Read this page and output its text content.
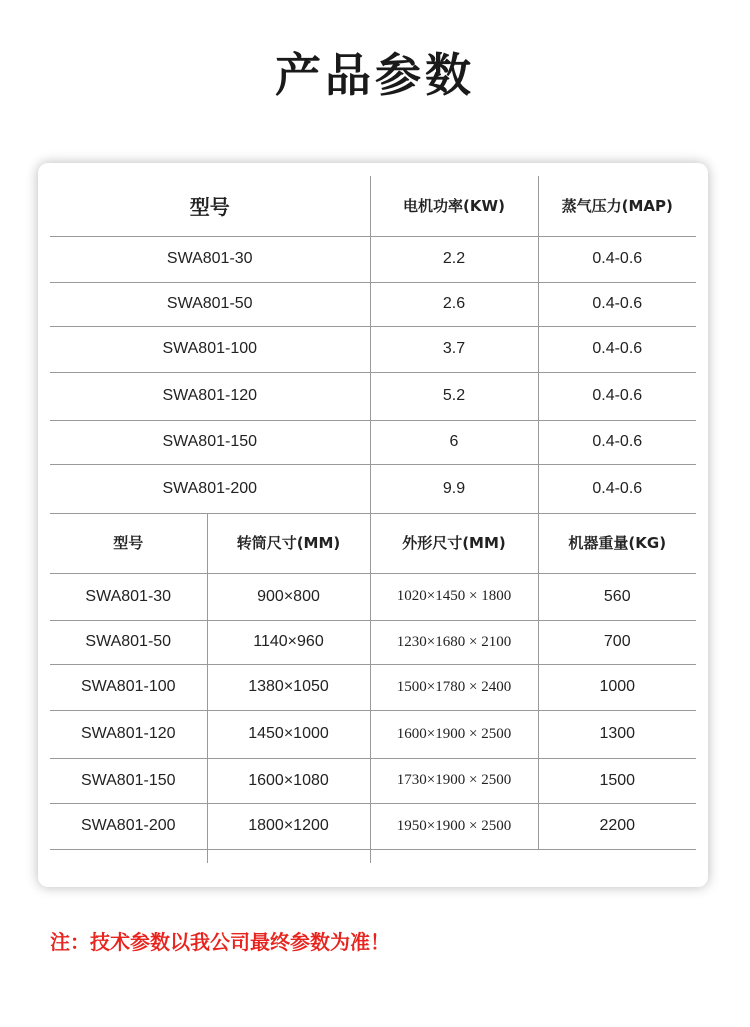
产品参数
型号	电机功率(KW)	蒸气压力(MAP)
SWA801-30	2.2	0.4-0.6
SWA801-50	2.6	0.4-0.6
SWA801-100	3.7	0.4-0.6
SWA801-120	5.2	0.4-0.6
SWA801-150	6	0.4-0.6
SWA801-200	9.9	0.4-0.6
型号	转筒尺寸(MM)	外形尺寸(MM)	机器重量(KG)
SWA801-30	900×800	1020×1450 × 1800	560
SWA801-50	1140×960	1230×1680 × 2100	700
SWA801-100	1380×1050	1500×1780 × 2400	1000
SWA801-120	1450×1000	1600×1900 × 2500	1300
SWA801-150	1600×1080	1730×1900 × 2500	1500
SWA801-200	1800×1200	1950×1900 × 2500	2200

注：技术参数以我公司最终参数为准！
